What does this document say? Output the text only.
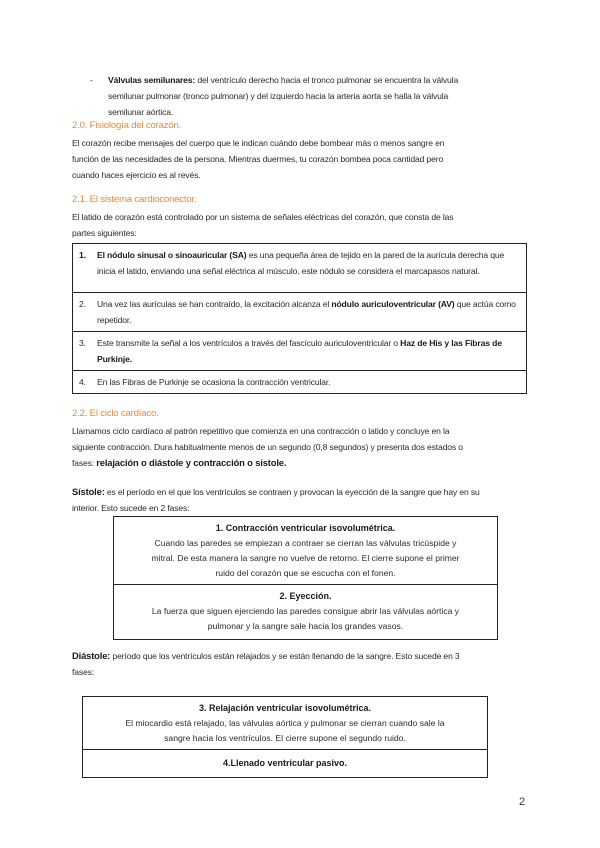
- Válvulas semilunares: del ventrículo derecho hacia el tronco pulmonar se encuentra la válvula

semilunar pulmonar (tronco pulmonar) y del izquierdo hacia la arteria aorta se halla la válvula

semilunar aórtica.

2.0. Fisiología del corazón.

El corazón recibe mensajes del cuerpo que le indican cuándo debe bombear más o menos sangre en

función de las necesidades de la persona. Mientras duermes, tu corazón bombea poca cantidad pero

cuando haces ejercicio es al revés.

2.1. El sistema cardioconector.

El latido de corazón está controlado por un sistema de señales eléctricas del corazón, que consta de las

partes siguientes:

1. El nódulo sinusal o sinoauricular (SA) es una pequeña área de tejido en la pared de la aurícula derecha que inicia el latido, enviando una señal eléctrica al músculo, este nódulo se considera el marcapasos natural.
2. Una vez las aurículas se han contraído, la excitación alcanza el nódulo auriculoventricular (AV) que actúa como repetidor.
3. Este transmite la señal a los ventrículos a través del fascículo auriculoventricular o Haz de His y las Fibras de Purkinje.
4. En las Fibras de Purkinje se ocasiona la contracción ventricular.
2.2. El ciclo cardíaco.

Llamamos ciclo cardíaco al patrón repetitivo que comienza en una contracción o latido y concluye en la

siguiente contracción. Dura habitualmente menos de un segundo (0,8 segundos) y presenta dos estados o

fases: relajación o diástole y contracción o sístole.

Sístole: es el período en el que los ventrículos se contraen y provocan la eyección de la sangre que hay en su

interior. Esto sucede en 2 fases:

1. Contracción ventricular isovolumétrica.
Cuando las paredes se empiezan a contraer se cierran las válvulas tricúspide y
mitral. De esta manera la sangre no vuelve de retorno. El cierre supone el primer
ruido del corazón que se escucha con el fonen.
2. Eyección.
La fuerza que siguen ejerciendo las paredes consigue abrir las válvulas aórtica y
pulmonar y la sangre sale hacia los grandes vasos.

Diástole: período que los ventrículos están relajados y se están llenando de la sangre. Esto sucede en 3

fases:

3. Relajación ventricular isovolumétrica.
El miocardio está relajado, las válvulas aórtica y pulmonar se cierran cuando sale la
sangre hacia los ventrículos. El cierre supone el segundo ruido.
4.Llenado ventricular pasivo.
2
